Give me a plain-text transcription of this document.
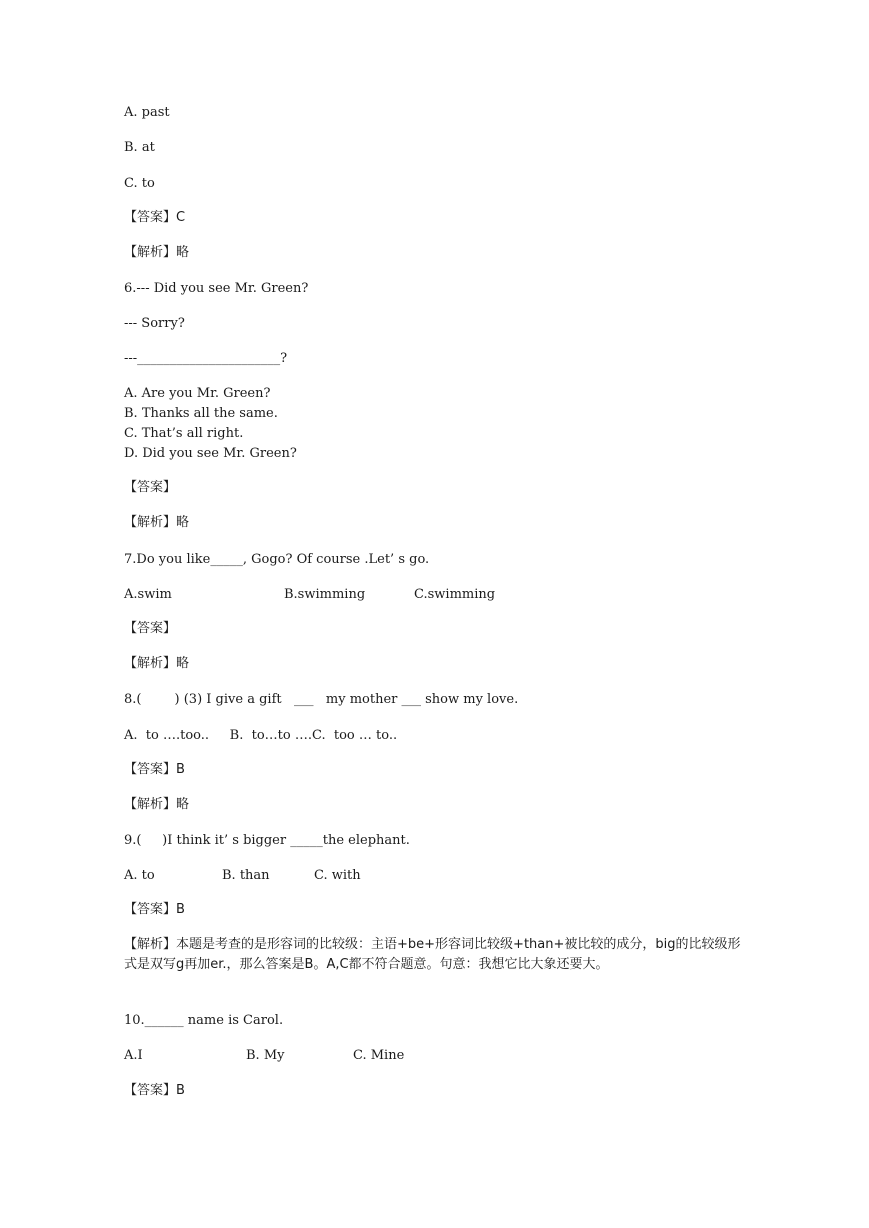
A. past
B. at
C. to
【答案】C
【解析】略
6.--- Did you see Mr. Green?
--- Sorry?
---______________________?
A. Are you Mr. Green?
B. Thanks all the same.
C. That’s all right.
D. Did you see Mr. Green?
【答案】
【解析】略
7.Do you like_____, Gogo? Of course .Let’ s go.
A.swim	B.swimming	C.swimming
【答案】
【解析】略
8.(        ) (3) I give a gift   ___   my mother ___ show my love.
A.  to ….too..     B.  to…to ….C.  too … to..
【答案】B
【解析】略
9.(     )I think it’ s bigger _____the elephant.
A. to	B. than	C. with
【答案】B
【解析】本题是考查的是形容词的比较级：主语+be+形容词比较级+than+被比较的成分，big的比较级形式是双写g再加er.，那么答案是B。A,C都不符合题意。句意：我想它比大象还要大。
10.______ name is Carol.
A.I	B. My	C. Mine
【答案】B
